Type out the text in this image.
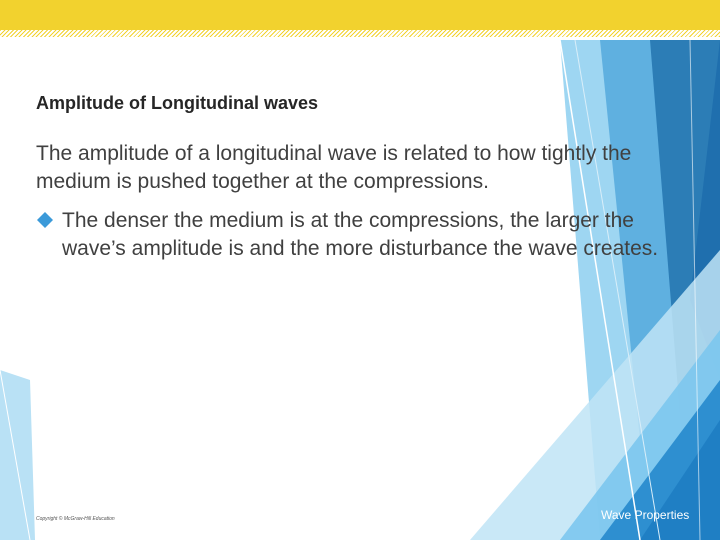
Amplitude of Longitudinal waves
The amplitude of a longitudinal wave is related to how tightly the medium is pushed together at the compressions.
The denser the medium is at the compressions, the larger the wave’s amplitude is and the more disturbance the wave creates.
Copyright © McGraw-Hill Education	Wave Properties
